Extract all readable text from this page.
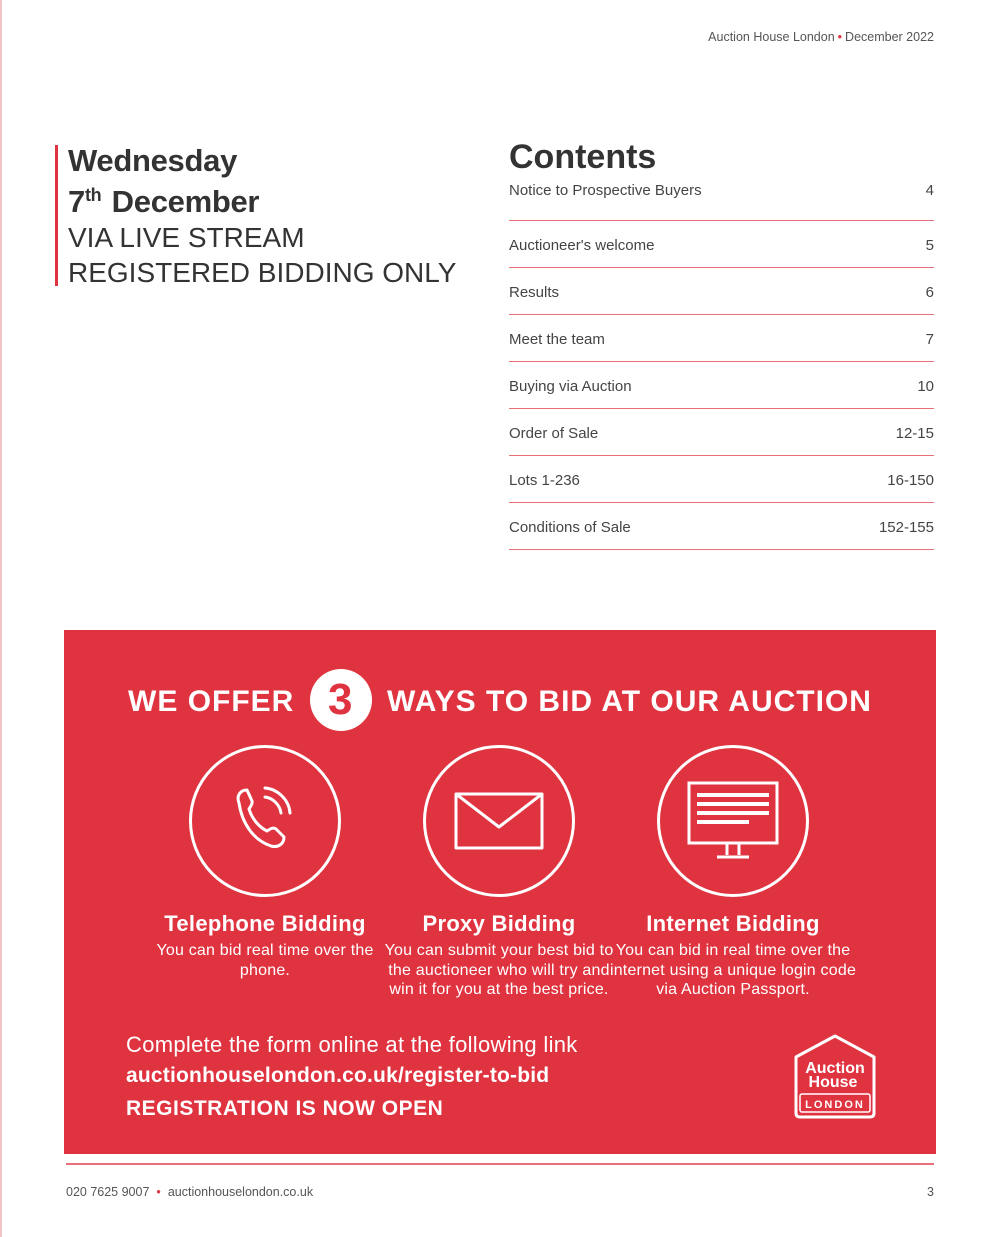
Auction House London • December 2022
Wednesday
7th December
VIA LIVE STREAM
REGISTERED BIDDING ONLY
Contents
Notice to Prospective Buyers	4
Auctioneer's welcome	5
Results	6
Meet the team	7
Buying via Auction	10
Order of Sale	12-15
Lots 1-236	16-150
Conditions of Sale	152-155
WE OFFER 3 WAYS TO BID AT OUR AUCTION
Telephone Bidding
You can bid real time over the phone.
Proxy Bidding
You can submit your best bid to the auctioneer who will try and win it for you at the best price.
Internet Bidding
You can bid in real time over the internet using a unique login code via Auction Passport.
Complete the form online at the following link
auctionhouselondon.co.uk/register-to-bid
REGISTRATION IS NOW OPEN
Auction
House
LONDON
020 7625 9007 • auctionhouselondon.co.uk	3
